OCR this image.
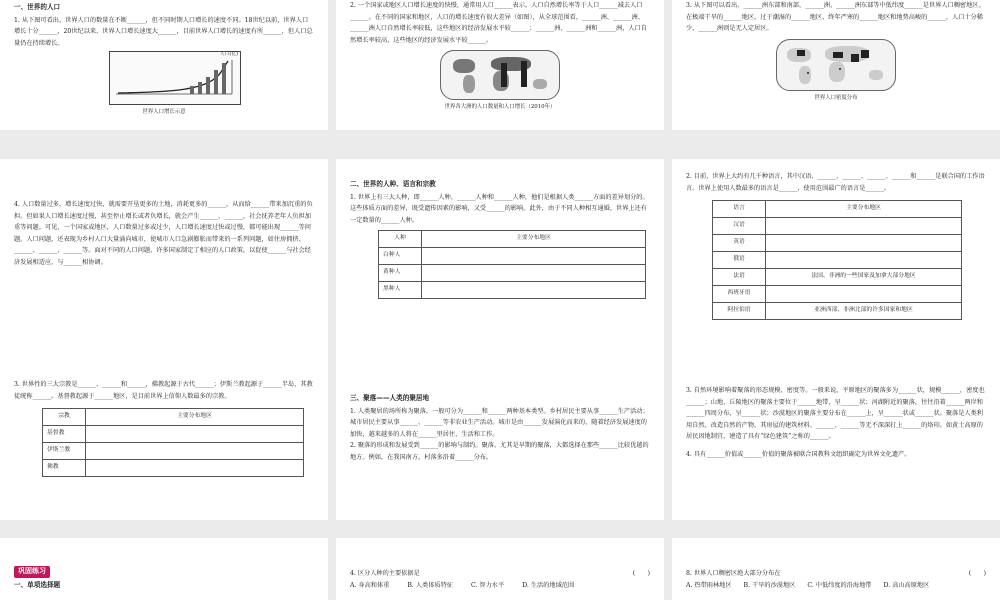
一、世界的人口

1. 从下图可看出，世界人口的数量在不断______，但不同时期人口增长的速度不同。18世纪以前，世界人口增长十分______，20世纪以来，世界人口增长速度大______，目前世界人口增长的速度有所______，但人口总量仍在持续增长。

人口(亿)

世界人口增长示意

2. 一个国家或地区人口增长速度的快慢，通常用人口______表示。人口自然增长率等于人口______减去人口______。在不同的国家和地区，人口的增长速度有很大差异（如图），从全球范围看，______洲、______洲、______洲人口自然增长率较低，这些地区的经济发展水平较______；______洲、______洲和______洲，人口自然增长率较高，这些地区的经济发展水平较______。

世界各大洲的人口数量和人口增长（2010年）

3. 从下图可以看出，______洲东部和南部，______洲、______洲东部等中低纬度______是世界人口稠密地区。在极端干旱的______地区，过于潮湿的______地区，终年严寒的______地区和地势高峻的______，人口十分稀少，______洲则是无人定居区。

世界人口密度分布

4. 人口数量过多，增长速度过快，就需要开垦更多的土地，消耗更多的______，从而给______带来加沉重的负担。但如果人口增长速度过慢，甚至停止增长或者负增长，就会产生______、______，社会抚养老年人负担加重等问题。可见，一个国家或地区，人口数量过多或过少，人口增长速度过快或过慢，都可能出现______等问题。人口问题，还表现为乡村人口大量涌向城市，使城市人口急剧膨胀而带来的一系列问题，如住房拥挤、______、______、______等。面对不同的人口问题，许多国家制定了相应的人口政策，以促使______与社会经济发展相适应，与______相协调。

二、世界的人种、语言和宗教

1. 世界上有三大人种，即______人种、______人种和______人种，他们是根据人类______方面的差异划分的。这些体质方面的差异，既受遗传因素的影响，又受______的影响。此外，由于不同人种相互通婚，世界上还有一定数量的______人种。

人种	主要分布地区
白种人	
黄种人	
黑种人	

2. 目前，世界上大约有几千种语言，其中汉语、______、______、______、______和______是联合国的工作语言。世界上使用人数最多的语言是______，使用范围最广的语言是______。

语言	主要分布地区
汉语	
英语	
俄语	
法语	法国、非洲的一些国家及加拿大部分地区
西班牙语	
阿拉伯语	亚洲西部、非洲北部的许多国家和地区

3. 世界性的三大宗教是______、______和______，佛教起源于古代______；伊斯兰教起源于______半岛，其教徒统称______。基督教起源于______地区，是目前世界上信仰人数最多的宗教。

宗教	主要分布地区
基督教	
伊斯兰教	
佛教	

三、聚落——人类的聚居地

1. 人类聚居的场所称为聚落，一般可分为______和______两种基本类型。乡村居民主要从事______生产活动；城市居民主要从事______、______等非农业生产活动。城市是由______发展演化而来的，随着经济发展速度的加快，越来越多的人将在______里居住、生活和工作。

2. 聚落的形成和发展受到______的影响与制约。聚落，尤其是早期的聚落，大都选择在那些______比较优越的地方。例如，在我国南方，村落多沿着______分布。

3. 自然环境影响着聚落的形态规模、密度等。一般来说，平原地区的聚落多为______状，规模______，密度也______；山地、丘陵地区的聚落主要位于______地带，呈______状；河湖附近的聚落，往往沿着______两岸和______四周分布，呈______状；沙漠地区的聚落主要分布在______上，呈______状或______状。聚落是人类利用自然、改造自然的产物，其房屋的建筑材料、______、______等无不深深打上______的烙印。如黄土高原的居民因地制宜，建造了具有“绿色建筑”之称的______。

4. 具有______价值或______价值的聚落被联合国教科文组织确定为世界文化遗产。

巩固练习

一、单项选择题

4. 区分人种的主要依据是	(　　)

A. 身高和体重	B. 人类体质特征	C. 智力水平	D. 生活的地域范围

8. 世界人口稠密区绝大部分分布在	(　　)

A. 热带雨林地区 B. 干旱的沙漠地区 C. 中低纬度的沿海地带 D. 高山高原地区
